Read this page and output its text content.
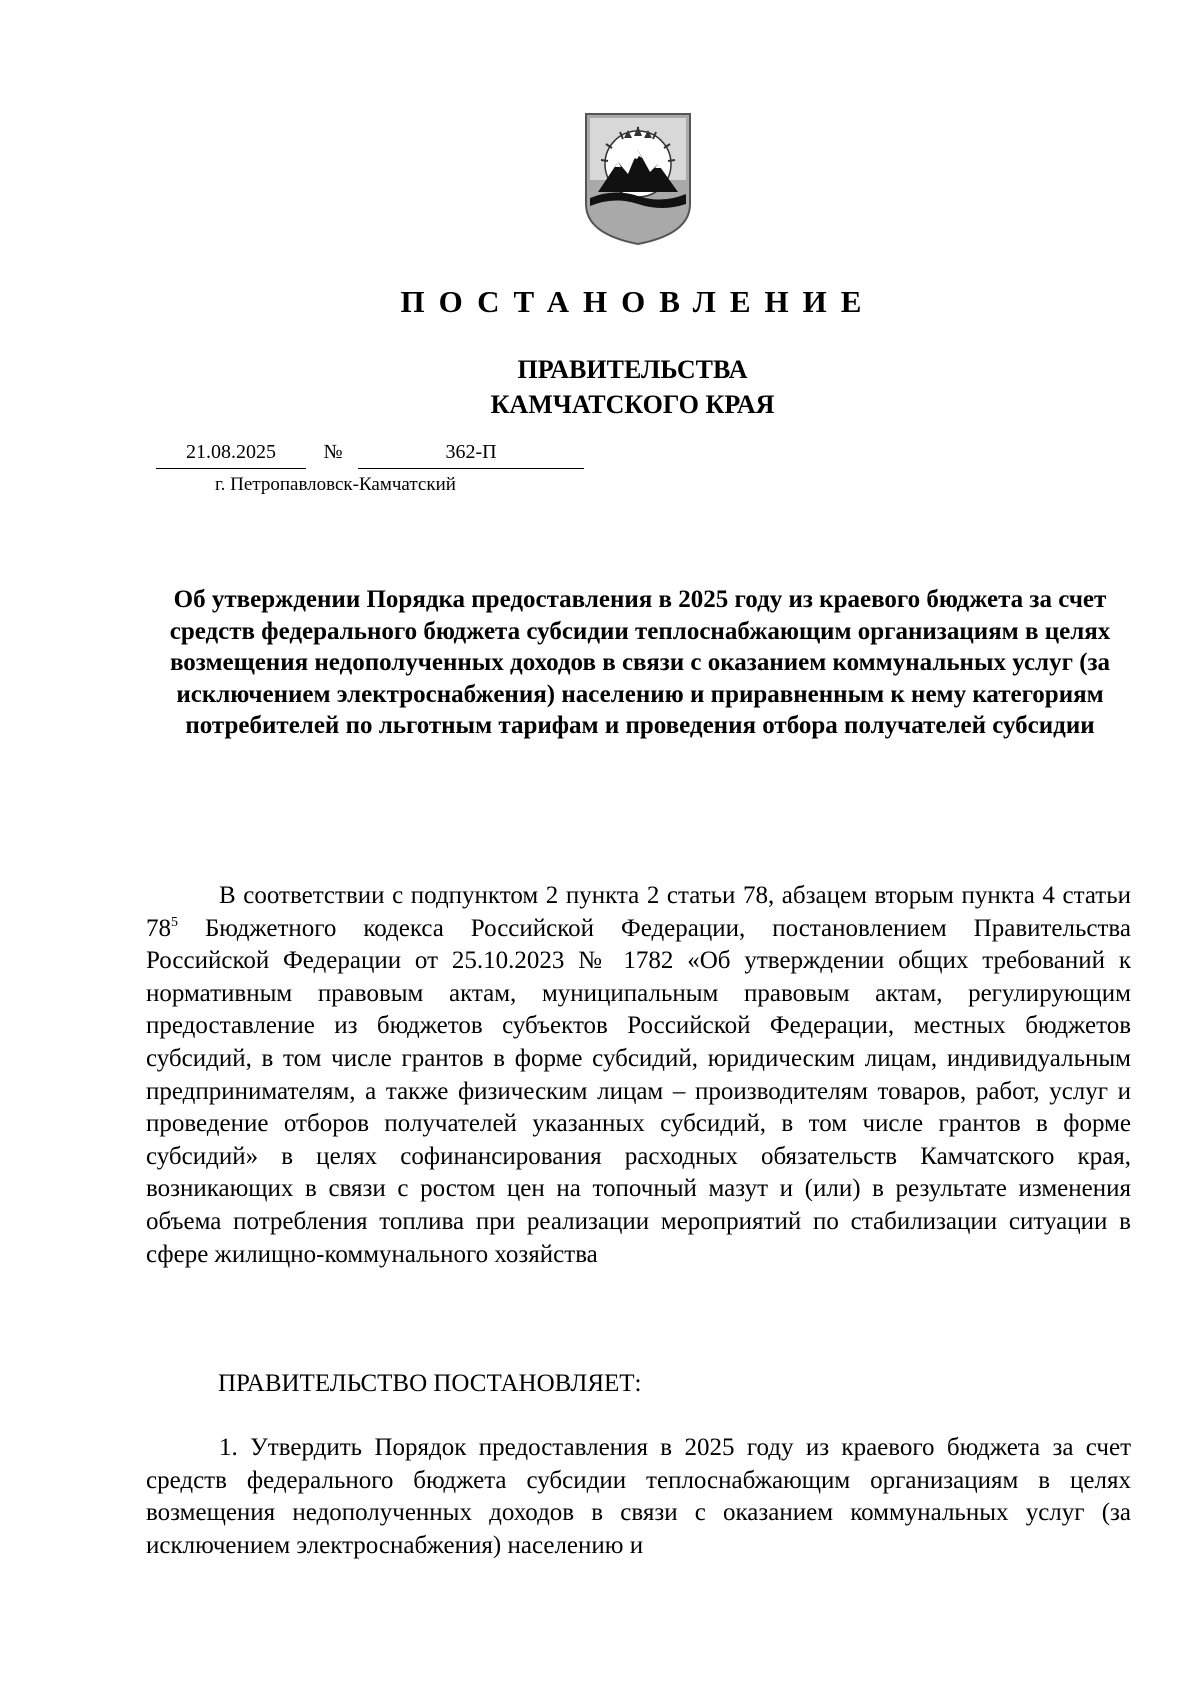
ПОСТАНОВЛЕНИЕ
ПРАВИТЕЛЬСТВА
КАМЧАТСКОГО КРАЯ
21.08.2025	№	362-П
г. Петропавловск-Камчатский
Об утверждении Порядка предоставления в 2025 году из краевого бюджета за счет средств федерального бюджета субсидии теплоснабжающим организациям в целях возмещения недополученных доходов в связи с оказанием коммунальных услуг (за исключением электроснабжения) населению и приравненным к нему категориям потребителей по льготным тарифам и проведения отбора получателей субсидии
В соответствии с подпунктом 2 пункта 2 статьи 78, абзацем вторым пункта 4 статьи $78^5$ Бюджетного кодекса Российской Федерации, постановлением Правительства Российской Федерации от 25.10.2023 № 1782 «Об утверждении общих требований к нормативным правовым актам, муниципальным правовым актам, регулирующим предоставление из бюджетов субъектов Российской Федерации, местных бюджетов субсидий, в том числе грантов в форме субсидий, юридическим лицам, индивидуальным предпринимателям, а также физическим лицам – производителям товаров, работ, услуг и проведение отборов получателей указанных субсидий, в том числе грантов в форме субсидий» в целях софинансирования расходных обязательств Камчатского края, возникающих в связи с ростом цен на топочный мазут и (или) в результате изменения объема потребления топлива при реализации мероприятий по стабилизации ситуации в сфере жилищно-коммунального хозяйства
ПРАВИТЕЛЬСТВО ПОСТАНОВЛЯЕТ:
1. Утвердить Порядок предоставления в 2025 году из краевого бюджета за счет средств федерального бюджета субсидии теплоснабжающим организациям в целях возмещения недополученных доходов в связи с оказанием коммунальных услуг (за исключением электроснабжения) населению и
